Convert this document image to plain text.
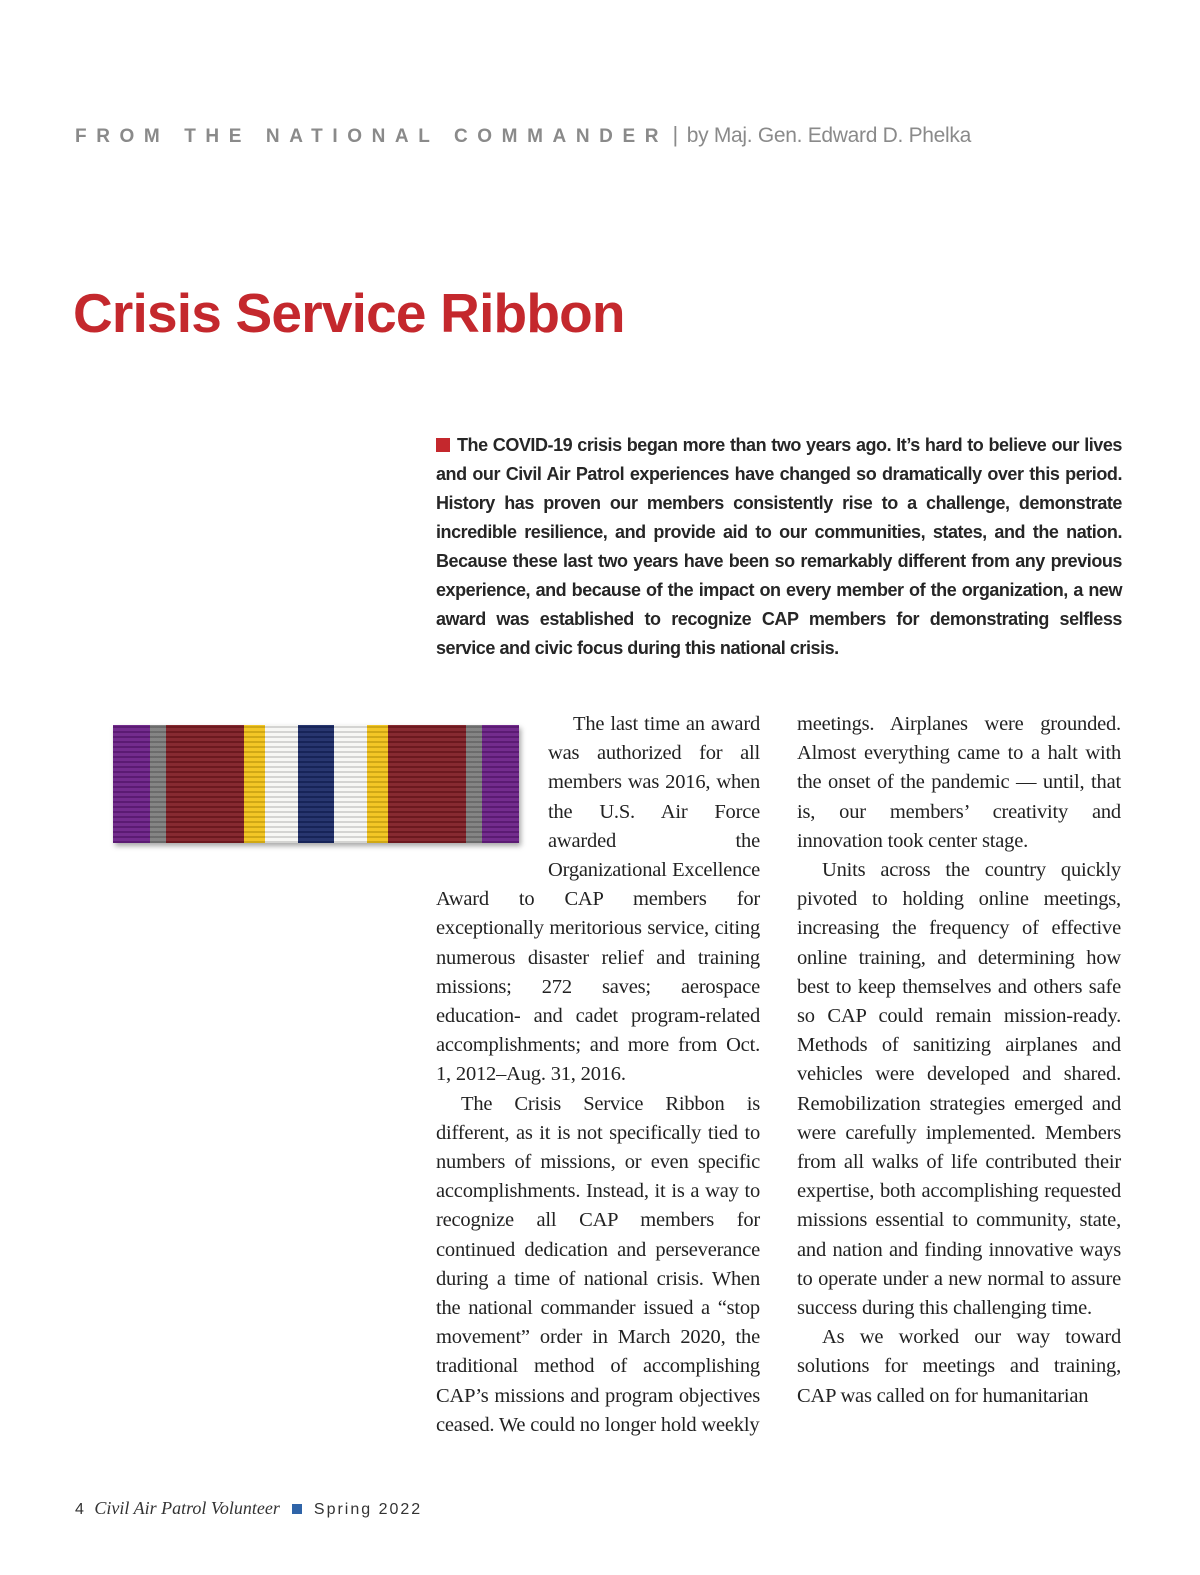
FROM THE NATIONAL COMMANDER | by Maj. Gen. Edward D. Phelka
Crisis Service Ribbon
The COVID-19 crisis began more than two years ago. It’s hard to believe our lives and our Civil Air Patrol experiences have changed so dramatically over this period. History has proven our members consistently rise to a challenge, demonstrate incredible resilience, and provide aid to our communities, states, and the nation. Because these last two years have been so remarkably different from any previous experience, and because of the impact on every member of the organization, a new award was established to recognize CAP members for demonstrating selfless service and civic focus during this national crisis.

The last time an award was authorized for all members was 2016, when the U.S. Air Force awarded the Organizational Excellence Award to CAP members for exceptionally meritorious service, citing numerous disaster relief and training missions; 272 saves; aerospace education- and cadet program-related accomplishments; and more from Oct. 1, 2012–Aug. 31, 2016.

The Crisis Service Ribbon is different, as it is not specifically tied to numbers of missions, or even specific accomplishments. Instead, it is a way to recognize all CAP members for continued dedication and perseverance during a time of national crisis. When the national commander issued a “stop movement” order in March 2020, the traditional method of accomplishing CAP’s missions and program objectives ceased. We could no longer hold weekly

meetings. Airplanes were grounded. Almost everything came to a halt with the onset of the pandemic — until, that is, our members’ creativity and innovation took center stage.

Units across the country quickly pivoted to holding online meetings, increasing the frequency of effective online training, and determining how best to keep themselves and others safe so CAP could remain mission-ready. Methods of sanitizing airplanes and vehicles were developed and shared. Remobilization strategies emerged and were carefully implemented. Members from all walks of life contributed their expertise, both accomplishing requested missions essential to community, state, and nation and finding innovative ways to operate under a new normal to assure success during this challenging time.

As we worked our way toward solutions for meetings and training, CAP was called on for humanitarian

4 Civil Air Patrol Volunteer Spring 2022
